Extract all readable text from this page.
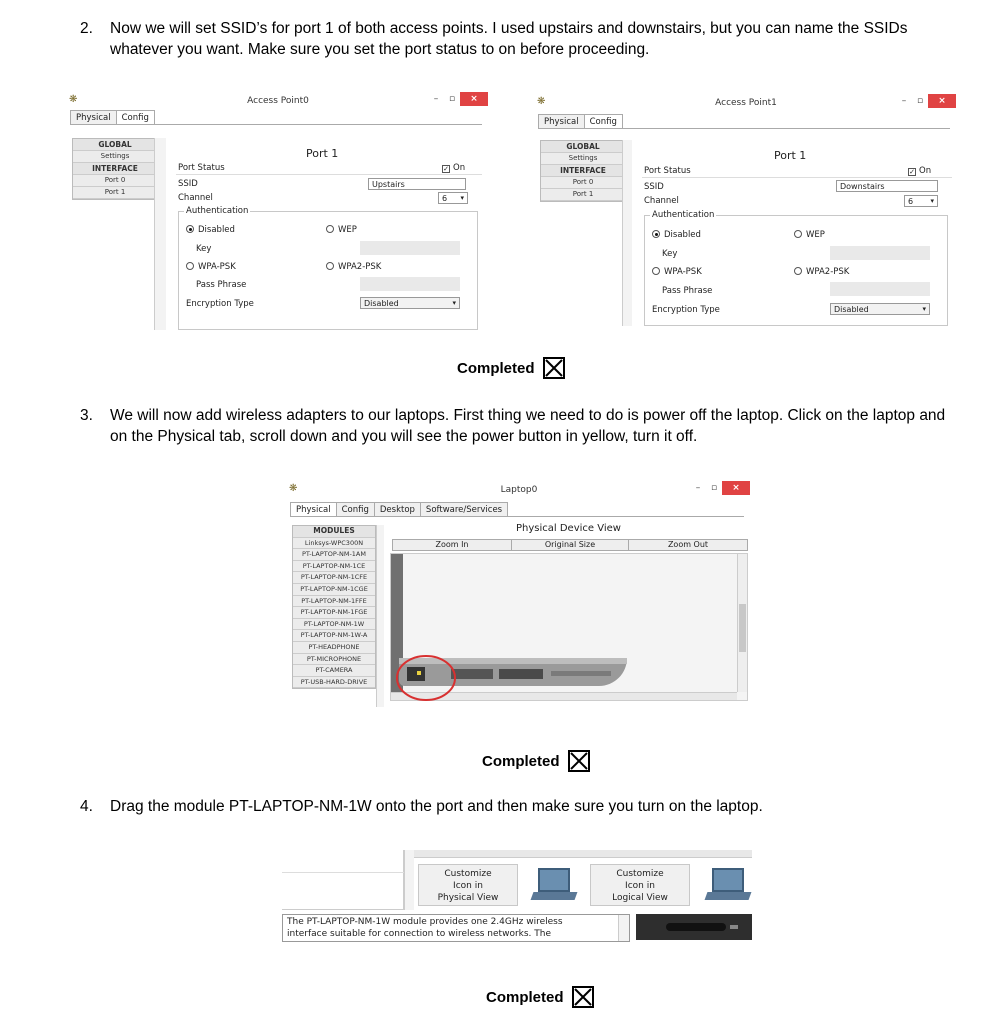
2. Now we will set SSID’s for port 1 of both access points. I used upstairs and downstairs, but you can name the SSIDs whatever you want. Make sure you set the port status to on before proceeding.
❋	Access Point0	–	▫	×
Physical	Config
GLOBAL
Settings
INTERFACE
Port 0
Port 1
Port 1
Port Status	✓ On
SSID	Upstairs
Channel	6 ▾
Authentication
Disabled	WEP
Key
WPA-PSK	WPA2-PSK
Pass Phrase
Encryption Type	Disabled	▾
❋	Access Point1	–	▫	×
Physical	Config
GLOBAL
Settings
INTERFACE
Port 0
Port 1
Port 1
Port Status	✓ On
SSID	Downstairs
Channel	6 ▾
Authentication
Disabled	WEP
Key
WPA-PSK	WPA2-PSK
Pass Phrase
Encryption Type	Disabled	▾
Completed
3. We will now add wireless adapters to our laptops. First thing we need to do is power off the laptop. Click on the laptop and on the Physical tab, scroll down and you will see the power button in yellow, turn it off.
❋	Laptop0	–	▫	×
Physical	Config	Desktop	Software/Services
MODULES
Linksys-WPC300N
PT-LAPTOP-NM-1AM
PT-LAPTOP-NM-1CE
PT-LAPTOP-NM-1CFE
PT-LAPTOP-NM-1CGE
PT-LAPTOP-NM-1FFE
PT-LAPTOP-NM-1FGE
PT-LAPTOP-NM-1W
PT-LAPTOP-NM-1W-A
PT-HEADPHONE
PT-MICROPHONE
PT-CAMERA
PT-USB-HARD-DRIVE
Physical Device View
Zoom In	Original Size	Zoom Out
Completed
4. Drag the module PT-LAPTOP-NM-1W onto the port and then make sure you turn on the laptop.
Customize
Icon in
Physical View
Customize
Icon in
Logical View
The PT-LAPTOP-NM-1W module provides one 2.4GHz wireless
interface suitable for connection to wireless networks. The
Completed
